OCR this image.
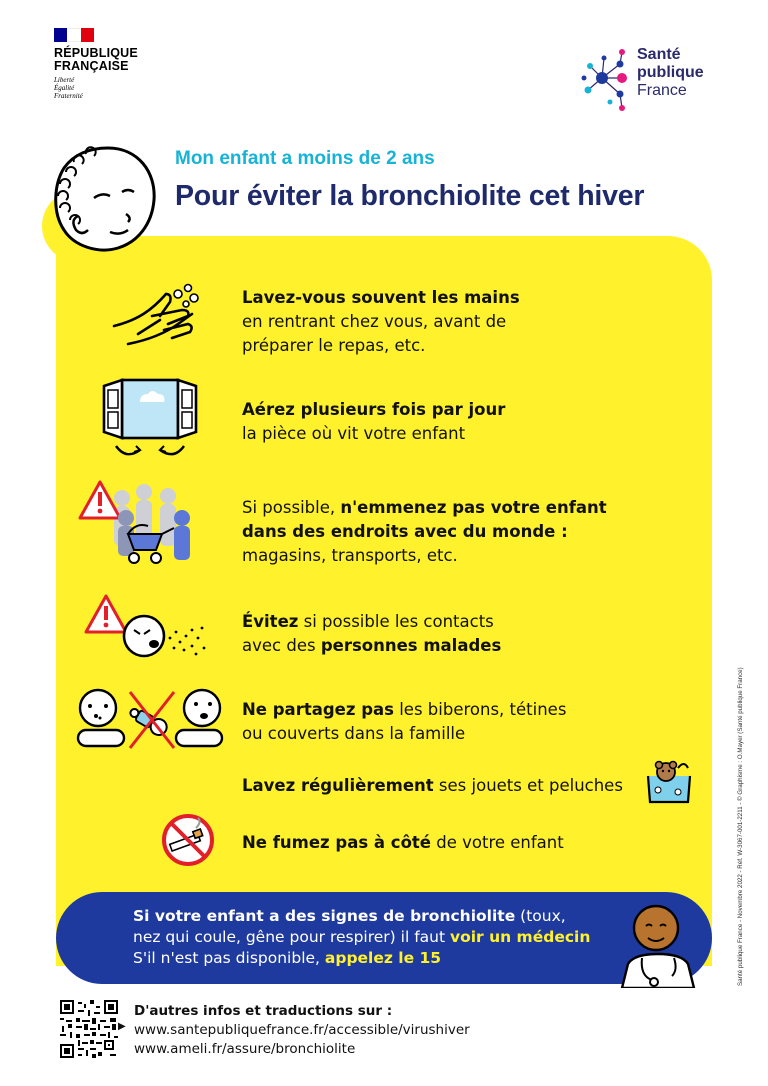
RÉPUBLIQUE
FRANÇAISE
Liberté
Égalité
Fraternité
Santé
publique
France
Mon enfant a moins de 2 ans
Pour éviter la bronchiolite cet hiver
Lavez-vous souvent les mains
en rentrant chez vous, avant de
préparer le repas, etc.
Aérez plusieurs fois par jour
la pièce où vit votre enfant
Si possible, n'emmenez pas votre enfant
dans des endroits avec du monde :
magasins, transports, etc.
Évitez si possible les contacts
avec des personnes malades
Ne partagez pas les biberons, tétines
ou couverts dans la famille
Lavez régulièrement ses jouets et peluches
Ne fumez pas à côté de votre enfant
Si votre enfant a des signes de bronchiolite (toux,
nez qui coule, gêne pour respirer) il faut voir un médecin
S'il n'est pas disponible, appelez le 15
▶
D'autres infos et traductions sur :
www.santepubliquefrance.fr/accessible/virushiver
www.ameli.fr/assure/bronchiolite
Santé publique France - Novembre 2022 - Réf. W-3067-001-2211 - © Graphisme : O.Mayer (Santé publique France)
